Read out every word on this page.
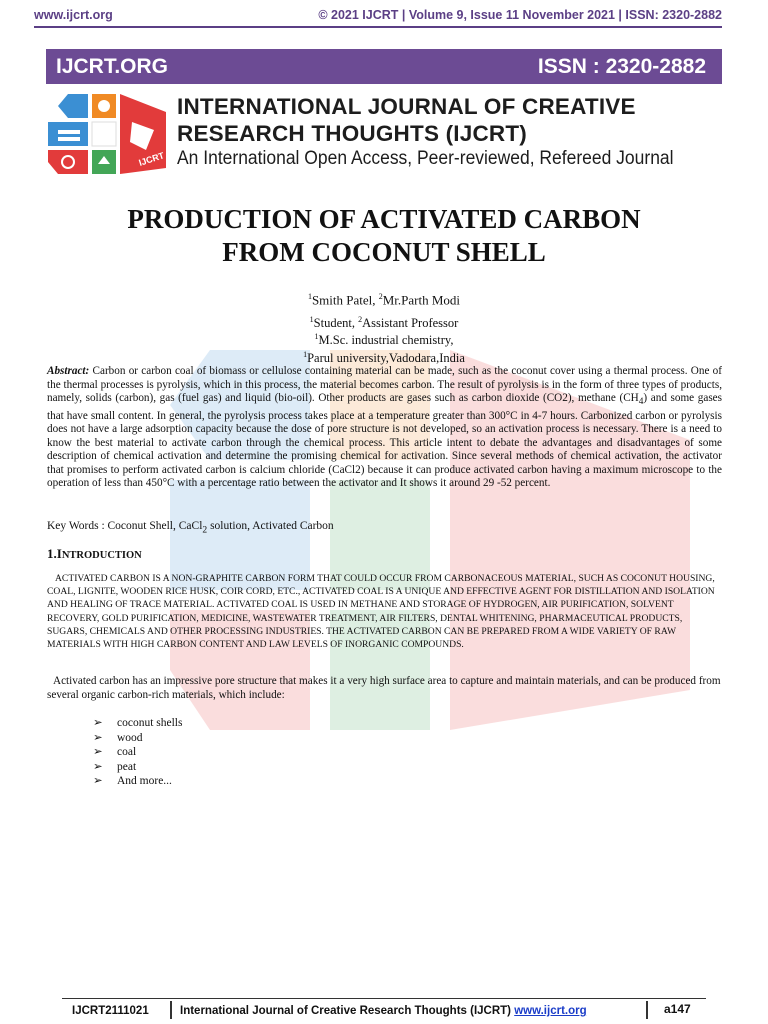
www.ijcrt.org	© 2021 IJCRT | Volume 9, Issue 11 November 2021 | ISSN: 2320-2882
IJCRT.ORG	ISSN : 2320-2882
IJCRT
INTERNATIONAL JOURNAL OF CREATIVE
RESEARCH THOUGHTS (IJCRT)
An International Open Access, Peer-reviewed, Refereed Journal
PRODUCTION OF ACTIVATED CARBON
FROM COCONUT SHELL
$^1$Smith Patel, $^2$Mr.Parth Modi
$^1$Student, $^2$Assistant Professor
$^1$M.Sc. industrial chemistry,
$^1$Parul university,Vadodara,India
Abstract: Carbon or carbon coal of biomass or cellulose containing material can be made, such as the coconut cover using a thermal process. One of the thermal processes is pyrolysis, which in this process, the material becomes carbon. The result of pyrolysis is in the form of three types of products, namely, solids (carbon), gas (fuel gas) and liquid (bio-oil). Other products are gases such as carbon dioxide (CO2), methane $(CH_4)$ and some gases that have small content. In general, the pyrolysis process takes place at a temperature greater than 300°C in 4-7 hours. Carbonized carbon or pyrolysis does not have a large adsorption capacity because the dose of pore structure is not developed, so an activation process is necessary. There is a need to know the best material to activate carbon through the chemical process. This article intent to debate the advantages and disadvantages of some description of chemical activation and determine the promising chemical for activation. Since several methods of chemical activation, the activator that promises to perform activated carbon is calcium chloride (CaCl2) because it can produce activated carbon having a maximum microscope to the operation of less than 450°C with a percentage ratio between the activator and It shows it around 29 -52 percent.
Key Words : Coconut Shell, CaCl$_2$ solution, Activated Carbon
1.INTRODUCTION
ACTIVATED CARBON IS A NON-GRAPHITE CARBON FORM THAT COULD OCCUR FROM CARBONACEOUS MATERIAL, SUCH AS COCONUT HOUSING, COAL, LIGNITE, WOODEN RICE HUSK, COIR CORD, ETC., ACTIVATED COAL IS A UNIQUE AND EFFECTIVE AGENT FOR DISTILLATION AND ISOLATION AND HEALING OF TRACE MATERIAL. ACTIVATED COAL IS USED IN METHANE AND STORAGE OF HYDROGEN, AIR PURIFICATION, SOLVENT RECOVERY, GOLD PURIFICATION, MEDICINE, WASTEWATER TREATMENT, AIR FILTERS, DENTAL WHITENING, PHARMACEUTICAL PRODUCTS, SUGARS, CHEMICALS AND OTHER PROCESSING INDUSTRIES. THE ACTIVATED CARBON CAN BE PREPARED FROM A WIDE VARIETY OF RAW MATERIALS WITH HIGH CARBON CONTENT AND LAW LEVELS OF INORGANIC COMPOUNDS.
Activated carbon has an impressive pore structure that makes it a very high surface area to capture and maintain materials, and can be produced from several organic carbon-rich materials, which include:
➢	coconut shells
➢	wood
➢	coal
➢	peat
➢	And more...
IJCRT2111021	International Journal of Creative Research Thoughts (IJCRT) www.ijcrt.org	a147
